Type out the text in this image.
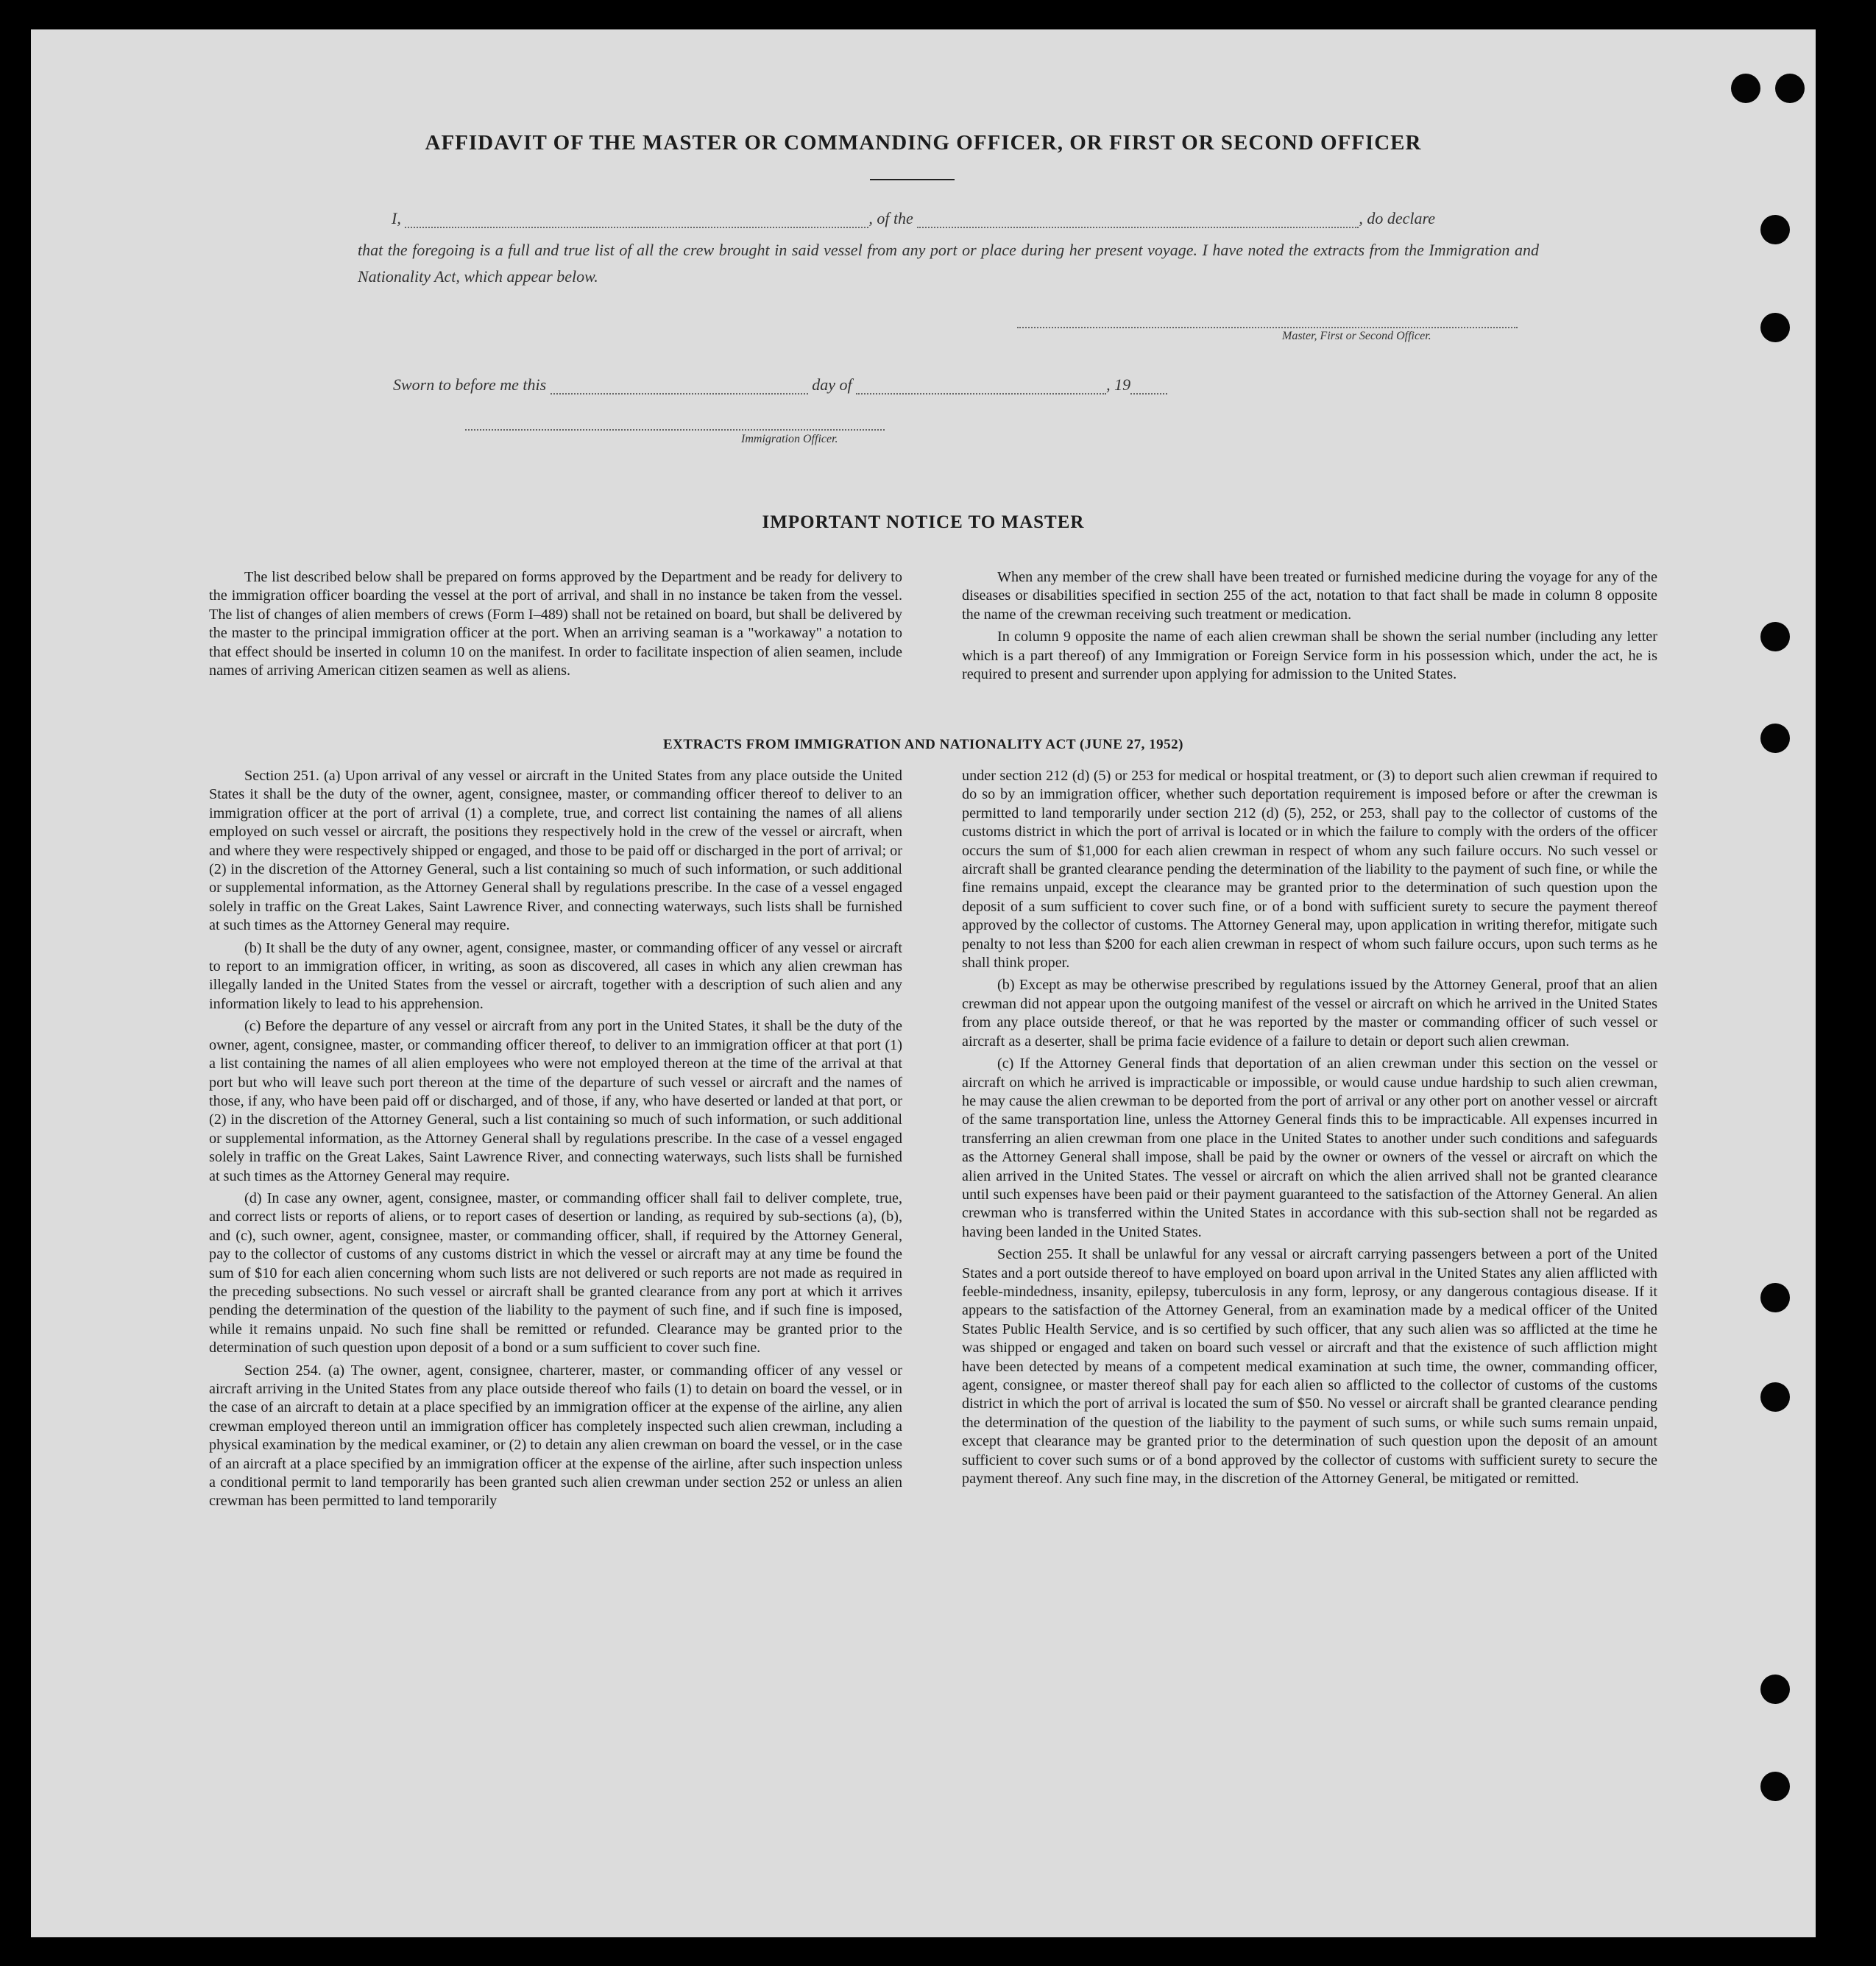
AFFIDAVIT OF THE MASTER OR COMMANDING OFFICER, OR FIRST OR SECOND OFFICER
I,	, of the	, do declare
that the foregoing is a full and true list of all the crew brought in said vessel from any port or place during her present voyage. I have noted the extracts from the Immigration and Nationality Act, which appear below.
Master, First or Second Officer.
Sworn to before me this	day of	, 19
Immigration Officer.
IMPORTANT NOTICE TO MASTER

The list described below shall be prepared on forms approved by the Department and be ready for delivery to the immigration officer boarding the vessel at the port of arrival, and shall in no instance be taken from the vessel. The list of changes of alien members of crews (Form I–489) shall not be retained on board, but shall be delivered by the master to the principal immigration officer at the port. When an arriving seaman is a "workaway" a notation to that effect should be inserted in column 10 on the manifest. In order to facilitate inspection of alien seamen, include names of arriving American citizen seamen as well as aliens.

When any member of the crew shall have been treated or furnished medicine during the voyage for any of the diseases or disabilities specified in section 255 of the act, notation to that fact shall be made in column 8 opposite the name of the crewman receiving such treatment or medication.

In column 9 opposite the name of each alien crewman shall be shown the serial number (including any letter which is a part thereof) of any Immigration or Foreign Service form in his possession which, under the act, he is required to present and surrender upon applying for admission to the United States.

EXTRACTS FROM IMMIGRATION AND NATIONALITY ACT (JUNE 27, 1952)

Section 251. (a) Upon arrival of any vessel or aircraft in the United States from any place outside the United States it shall be the duty of the owner, agent, consignee, master, or commanding officer thereof to deliver to an immigration officer at the port of arrival (1) a complete, true, and correct list containing the names of all aliens employed on such vessel or aircraft, the positions they respectively hold in the crew of the vessel or aircraft, when and where they were respectively shipped or engaged, and those to be paid off or discharged in the port of arrival; or (2) in the discretion of the Attorney General, such a list containing so much of such information, or such additional or supplemental information, as the Attorney General shall by regulations prescribe. In the case of a vessel engaged solely in traffic on the Great Lakes, Saint Lawrence River, and connecting waterways, such lists shall be furnished at such times as the Attorney General may require.

(b) It shall be the duty of any owner, agent, consignee, master, or commanding officer of any vessel or aircraft to report to an immigration officer, in writing, as soon as discovered, all cases in which any alien crewman has illegally landed in the United States from the vessel or aircraft, together with a description of such alien and any information likely to lead to his apprehension.

(c) Before the departure of any vessel or aircraft from any port in the United States, it shall be the duty of the owner, agent, consignee, master, or commanding officer thereof, to deliver to an immigration officer at that port (1) a list containing the names of all alien employees who were not employed thereon at the time of the arrival at that port but who will leave such port thereon at the time of the departure of such vessel or aircraft and the names of those, if any, who have been paid off or discharged, and of those, if any, who have deserted or landed at that port, or (2) in the discretion of the Attorney General, such a list containing so much of such information, or such additional or supplemental information, as the Attorney General shall by regulations prescribe. In the case of a vessel engaged solely in traffic on the Great Lakes, Saint Lawrence River, and connecting waterways, such lists shall be furnished at such times as the Attorney General may require.

(d) In case any owner, agent, consignee, master, or commanding officer shall fail to deliver complete, true, and correct lists or reports of aliens, or to report cases of desertion or landing, as required by sub-sections (a), (b), and (c), such owner, agent, consignee, master, or commanding officer, shall, if required by the Attorney General, pay to the collector of customs of any customs district in which the vessel or aircraft may at any time be found the sum of $10 for each alien concerning whom such lists are not delivered or such reports are not made as required in the preceding subsections. No such vessel or aircraft shall be granted clearance from any port at which it arrives pending the determination of the question of the liability to the payment of such fine, and if such fine is imposed, while it remains unpaid. No such fine shall be remitted or refunded. Clearance may be granted prior to the determination of such question upon deposit of a bond or a sum sufficient to cover such fine.

Section 254. (a) The owner, agent, consignee, charterer, master, or commanding officer of any vessel or aircraft arriving in the United States from any place outside thereof who fails (1) to detain on board the vessel, or in the case of an aircraft to detain at a place specified by an immigration officer at the expense of the airline, any alien crewman employed thereon until an immigration officer has completely inspected such alien crewman, including a physical examination by the medical examiner, or (2) to detain any alien crewman on board the vessel, or in the case of an aircraft at a place specified by an immigration officer at the expense of the airline, after such inspection unless a conditional permit to land temporarily has been granted such alien crewman under section 252 or unless an alien crewman has been permitted to land temporarily

under section 212 (d) (5) or 253 for medical or hospital treatment, or (3) to deport such alien crewman if required to do so by an immigration officer, whether such deportation requirement is imposed before or after the crewman is permitted to land temporarily under section 212 (d) (5), 252, or 253, shall pay to the collector of customs of the customs district in which the port of arrival is located or in which the failure to comply with the orders of the officer occurs the sum of $1,000 for each alien crewman in respect of whom any such failure occurs. No such vessel or aircraft shall be granted clearance pending the determination of the liability to the payment of such fine, or while the fine remains unpaid, except the clearance may be granted prior to the determination of such question upon the deposit of a sum sufficient to cover such fine, or of a bond with sufficient surety to secure the payment thereof approved by the collector of customs. The Attorney General may, upon application in writing therefor, mitigate such penalty to not less than $200 for each alien crewman in respect of whom such failure occurs, upon such terms as he shall think proper.

(b) Except as may be otherwise prescribed by regulations issued by the Attorney General, proof that an alien crewman did not appear upon the outgoing manifest of the vessel or aircraft on which he arrived in the United States from any place outside thereof, or that he was reported by the master or commanding officer of such vessel or aircraft as a deserter, shall be prima facie evidence of a failure to detain or deport such alien crewman.

(c) If the Attorney General finds that deportation of an alien crewman under this section on the vessel or aircraft on which he arrived is impracticable or impossible, or would cause undue hardship to such alien crewman, he may cause the alien crewman to be deported from the port of arrival or any other port on another vessel or aircraft of the same transportation line, unless the Attorney General finds this to be impracticable. All expenses incurred in transferring an alien crewman from one place in the United States to another under such conditions and safeguards as the Attorney General shall impose, shall be paid by the owner or owners of the vessel or aircraft on which the alien arrived in the United States. The vessel or aircraft on which the alien arrived shall not be granted clearance until such expenses have been paid or their payment guaranteed to the satisfaction of the Attorney General. An alien crewman who is transferred within the United States in accordance with this sub-section shall not be regarded as having been landed in the United States.

Section 255. It shall be unlawful for any vessal or aircraft carrying passengers between a port of the United States and a port outside thereof to have employed on board upon arrival in the United States any alien afflicted with feeble-mindedness, insanity, epilepsy, tuberculosis in any form, leprosy, or any dangerous contagious disease. If it appears to the satisfaction of the Attorney General, from an examination made by a medical officer of the United States Public Health Service, and is so certified by such officer, that any such alien was so afflicted at the time he was shipped or engaged and taken on board such vessel or aircraft and that the existence of such affliction might have been detected by means of a competent medical examination at such time, the owner, commanding officer, agent, consignee, or master thereof shall pay for each alien so afflicted to the collector of customs of the customs district in which the port of arrival is located the sum of $50. No vessel or aircraft shall be granted clearance pending the determination of the question of the liability to the payment of such sums, or while such sums remain unpaid, except that clearance may be granted prior to the determination of such question upon the deposit of an amount sufficient to cover such sums or of a bond approved by the collector of customs with sufficient surety to secure the payment thereof. Any such fine may, in the discretion of the Attorney General, be mitigated or remitted.
